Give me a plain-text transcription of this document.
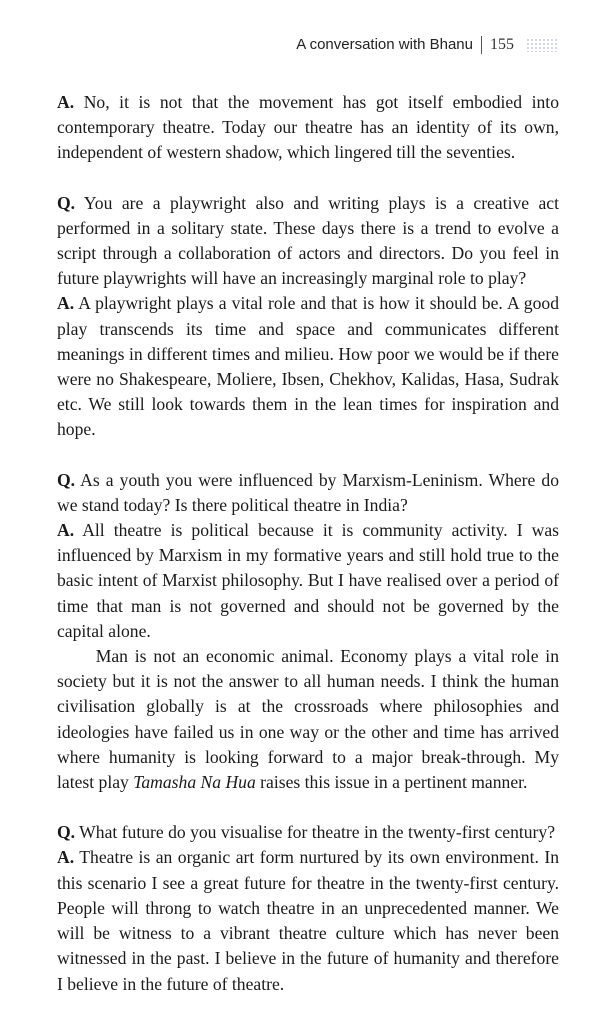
A conversation with Bhanu 155

A. No, it is not that the movement has got itself embodied into contemporary theatre. Today our theatre has an identity of its own, independent of western shadow, which lingered till the seventies.

Q. You are a playwright also and writing plays is a creative act performed in a solitary state. These days there is a trend to evolve a script through a collaboration of actors and directors. Do you feel in future playwrights will have an increasingly marginal role to play?

A. A playwright plays a vital role and that is how it should be. A good play transcends its time and space and communicates different meanings in different times and milieu. How poor we would be if there were no Shakespeare, Moliere, Ibsen, Chekhov, Kalidas, Hasa, Sudrak etc. We still look towards them in the lean times for inspiration and hope.

Q. As a youth you were influenced by Marxism-Leninism. Where do we stand today? Is there political theatre in India?

A. All theatre is political because it is community activity. I was influenced by Marxism in my formative years and still hold true to the basic intent of Marxist philosophy. But I have realised over a period of time that man is not governed and should not be governed by the capital alone.

Man is not an economic animal. Economy plays a vital role in society but it is not the answer to all human needs. I think the human civilisation globally is at the crossroads where philosophies and ideologies have failed us in one way or the other and time has arrived where humanity is looking forward to a major break-through. My latest play Tamasha Na Hua raises this issue in a pertinent manner.

Q. What future do you visualise for theatre in the twenty-first century?

A. Theatre is an organic art form nurtured by its own environment. In this scenario I see a great future for theatre in the twenty-first century. People will throng to watch theatre in an unprecedented manner. We will be witness to a vibrant theatre culture which has never been witnessed in the past. I believe in the future of humanity and therefore I believe in the future of theatre.
